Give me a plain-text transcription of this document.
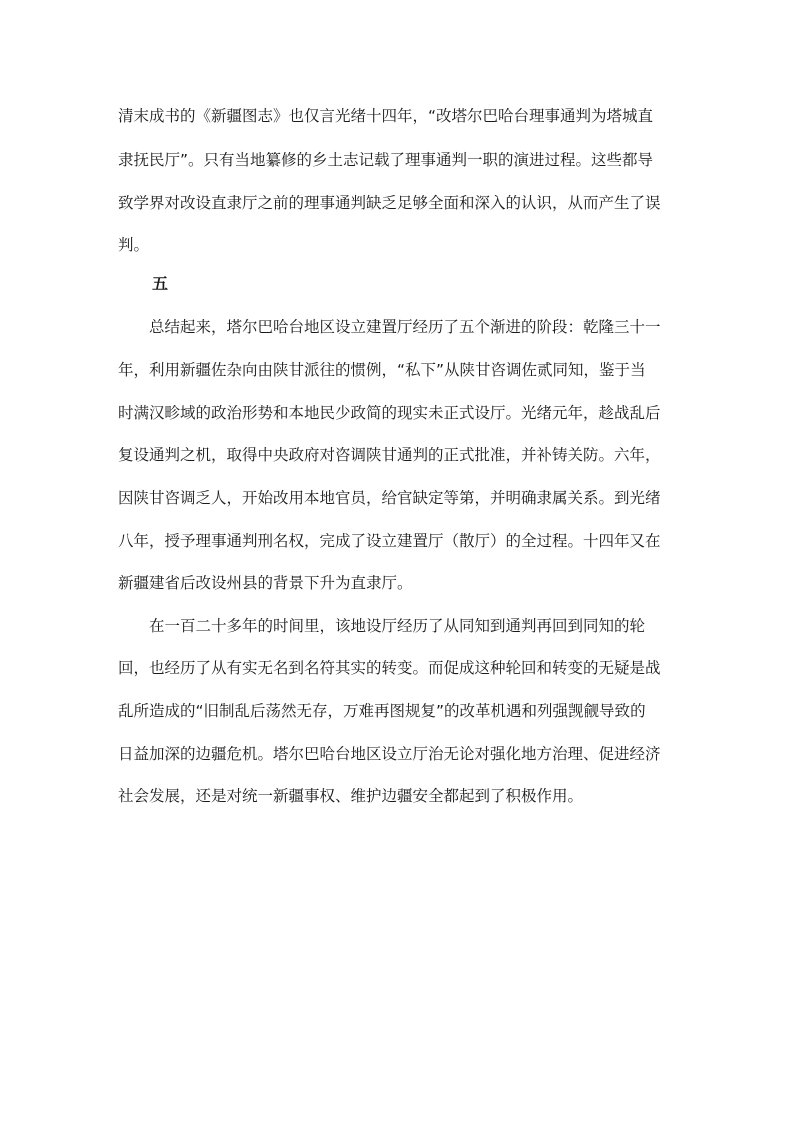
清末成书的《新疆图志》也仅言光绪十四年，“改塔尔巴哈台理事通判为塔城直
隶抚民厅”。只有当地纂修的乡土志记载了理事通判一职的演进过程。这些都导
致学界对改设直隶厅之前的理事通判缺乏足够全面和深入的认识，从而产生了误
判。
五
总结起来，塔尔巴哈台地区设立建置厅经历了五个渐进的阶段：乾隆三十一
年，利用新疆佐杂向由陕甘派往的惯例，“私下”从陕甘咨调佐贰同知，鉴于当
时满汉畛域的政治形势和本地民少政简的现实未正式设厅。光绪元年，趁战乱后
复设通判之机，取得中央政府对咨调陕甘通判的正式批准，并补铸关防。六年，
因陕甘咨调乏人，开始改用本地官员，给官缺定等第，并明确隶属关系。到光绪
八年，授予理事通判刑名权，完成了设立建置厅（散厅）的全过程。十四年又在
新疆建省后改设州县的背景下升为直隶厅。
在一百二十多年的时间里，该地设厅经历了从同知到通判再回到同知的轮
回，也经历了从有实无名到名符其实的转变。而促成这种轮回和转变的无疑是战
乱所造成的“旧制乱后荡然无存，万难再图规复”的改革机遇和列强觊觎导致的
日益加深的边疆危机。塔尔巴哈台地区设立厅治无论对强化地方治理、促进经济
社会发展，还是对统一新疆事权、维护边疆安全都起到了积极作用。
